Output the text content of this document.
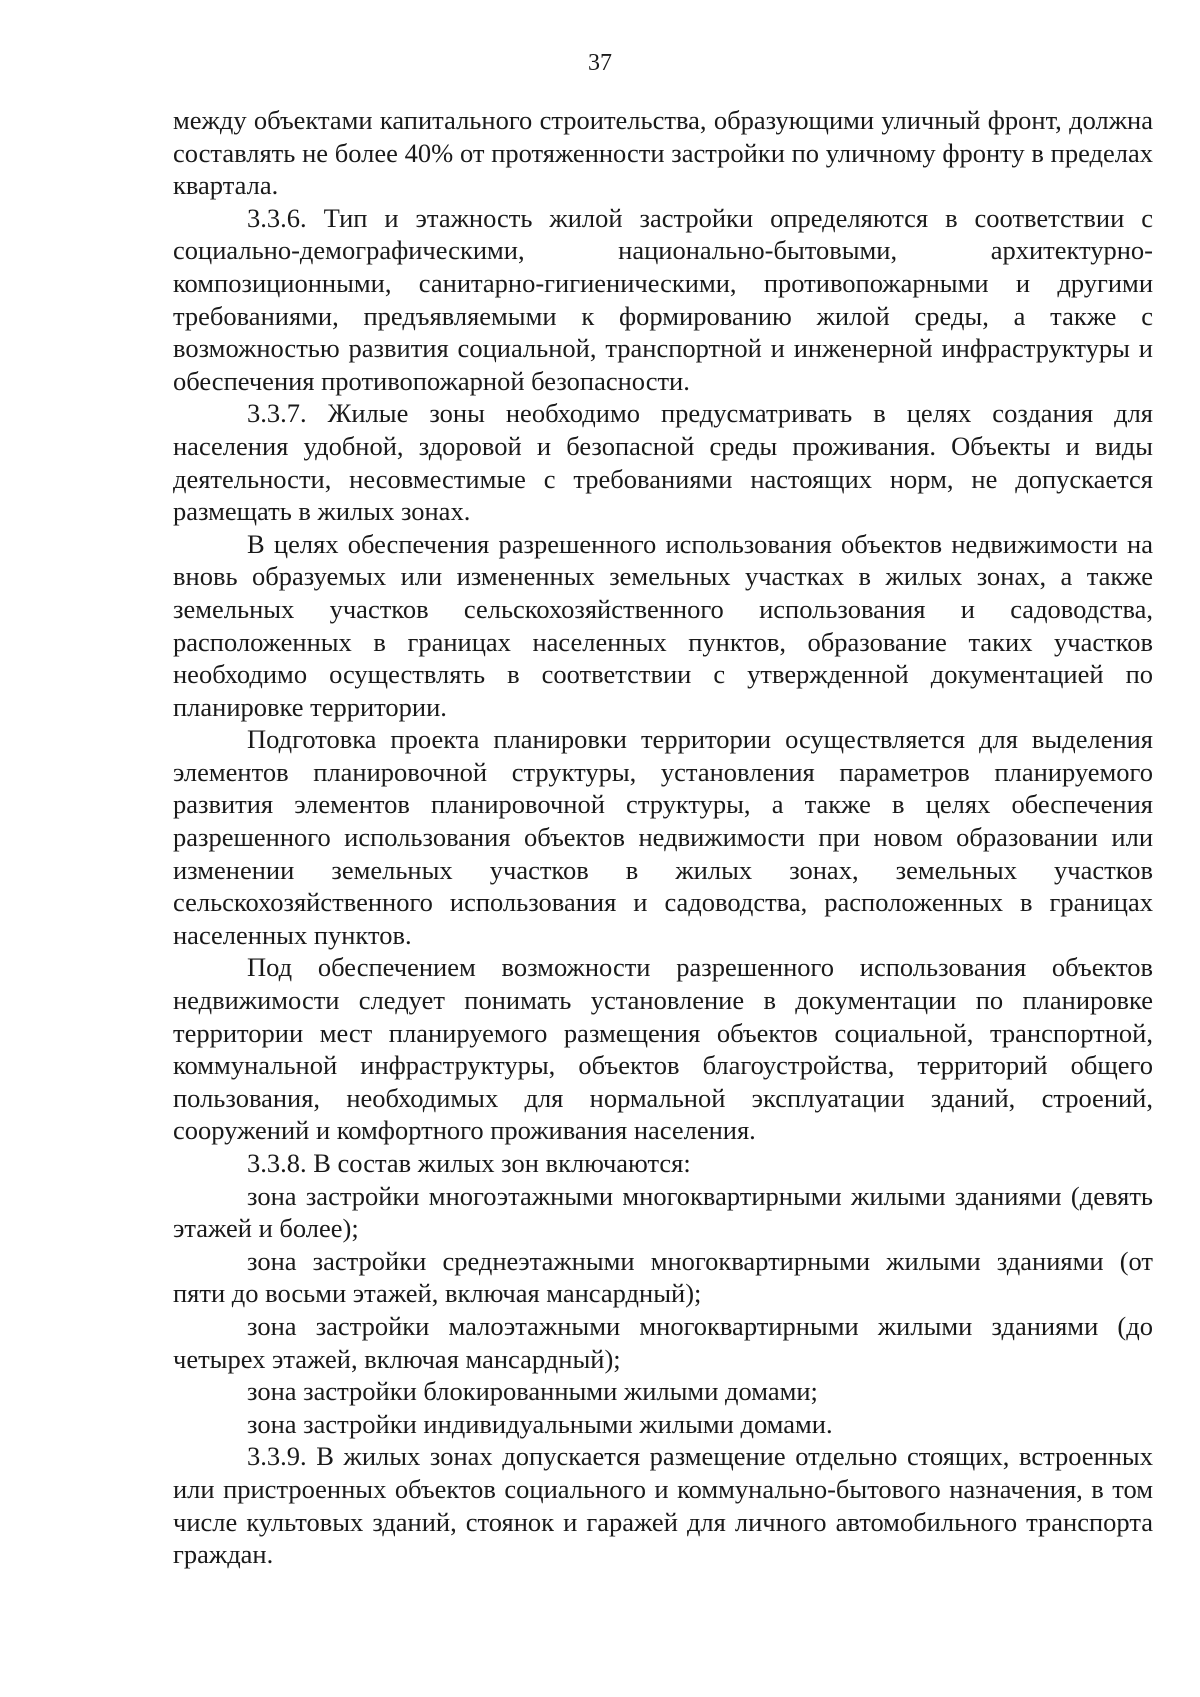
37

между объектами капитального строительства, образующими уличный фронт, должна составлять не более 40% от протяженности застройки по уличному фронту в пределах квартала.

3.3.6. Тип и этажность жилой застройки определяются в соответствии с социально-демографическими, национально-бытовыми, архитектурно-композиционными, санитарно-гигиеническими, противопожарными и другими требованиями, предъявляемыми к формированию жилой среды, а также с возможностью развития социальной, транспортной и инженерной инфраструктуры и обеспечения противопожарной безопасности.

3.3.7. Жилые зоны необходимо предусматривать в целях создания для населения удобной, здоровой и безопасной среды проживания. Объекты и виды деятельности, несовместимые с требованиями настоящих норм, не допускается размещать в жилых зонах.

В целях обеспечения разрешенного использования объектов недвижимости на вновь образуемых или измененных земельных участках в жилых зонах, а также земельных участков сельскохозяйственного использования и садоводства, расположенных в границах населенных пунктов, образование таких участков необходимо осуществлять в соответствии с утвержденной документацией по планировке территории.

Подготовка проекта планировки территории осуществляется для выделения элементов планировочной структуры, установления параметров планируемого развития элементов планировочной структуры, а также в целях обеспечения разрешенного использования объектов недвижимости при новом образовании или изменении земельных участков в жилых зонах, земельных участков сельскохозяйственного использования и садоводства, расположенных в границах населенных пунктов.

Под обеспечением возможности разрешенного использования объектов недвижимости следует понимать установление в документации по планировке территории мест планируемого размещения объектов социальной, транспортной, коммунальной инфраструктуры, объектов благоустройства, территорий общего пользования, необходимых для нормальной эксплуатации зданий, строений, сооружений и комфортного проживания населения.

3.3.8. В состав жилых зон включаются:

зона застройки многоэтажными многоквартирными жилыми зданиями (девять этажей и более);

зона застройки среднеэтажными многоквартирными жилыми зданиями (от пяти до восьми этажей, включая мансардный);

зона застройки малоэтажными многоквартирными жилыми зданиями (до четырех этажей, включая мансардный);

зона застройки блокированными жилыми домами;

зона застройки индивидуальными жилыми домами.

3.3.9. В жилых зонах допускается размещение отдельно стоящих, встроенных или пристроенных объектов социального и коммунально-бытового назначения, в том числе культовых зданий, стоянок и гаражей для личного автомобильного транспорта граждан.
